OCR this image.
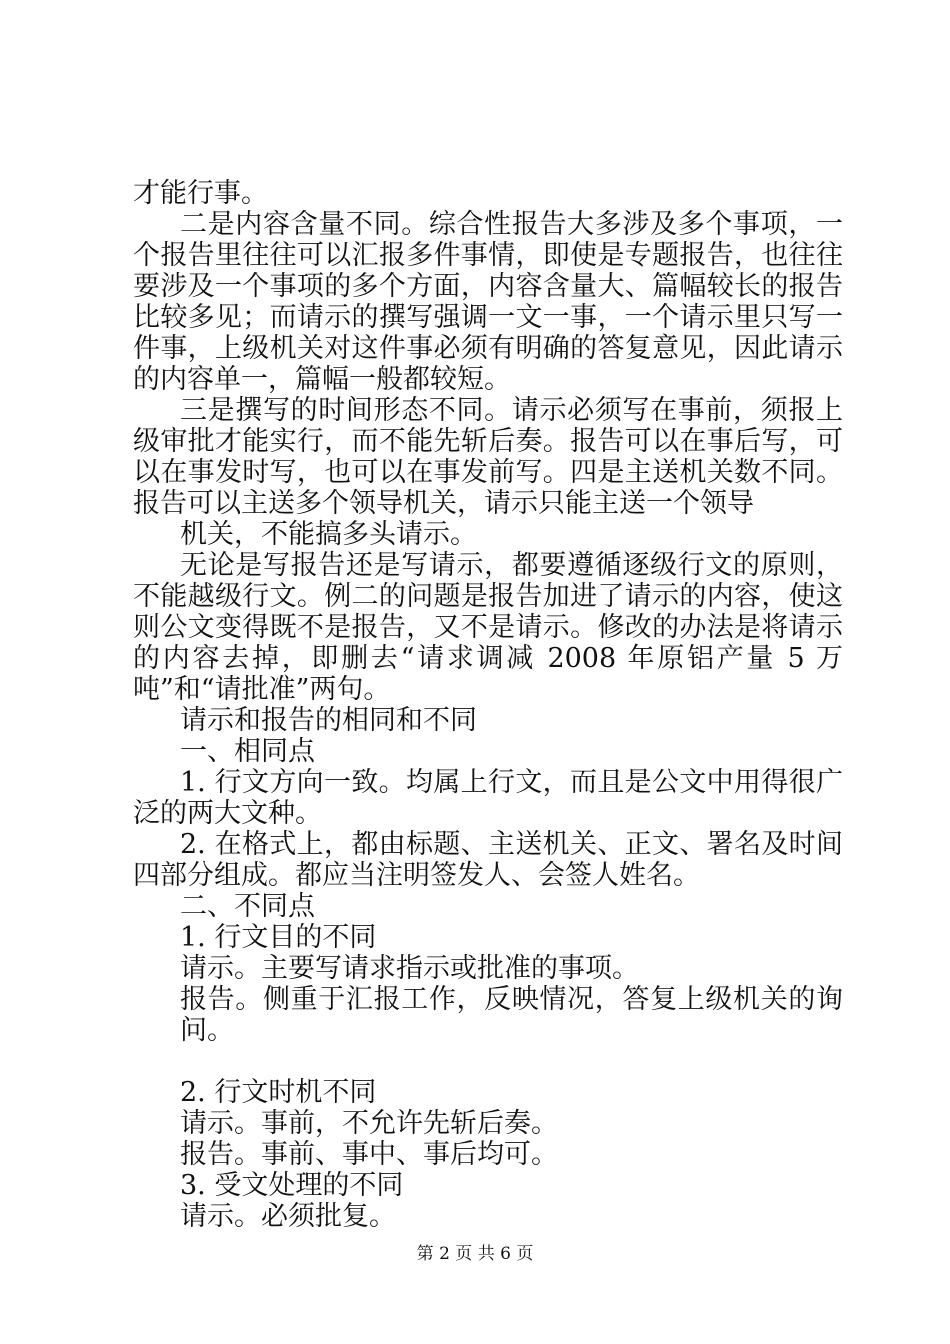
才能行事。

二是内容含量不同。综合性报告大多涉及多个事项，一个报告里往往可以汇报多件事情，即使是专题报告，也往往要涉及一个事项的多个方面，内容含量大、篇幅较长的报告比较多见；而请示的撰写强调一文一事，一个请示里只写一件事，上级机关对这件事必须有明确的答复意见，因此请示的内容单一，篇幅一般都较短。

三是撰写的时间形态不同。请示必须写在事前，须报上级审批才能实行，而不能先斩后奏。报告可以在事后写，可以在事发时写，也可以在事发前写。四是主送机关数不同。报告可以主送多个领导机关，请示只能主送一个领导

机关，不能搞多头请示。

无论是写报告还是写请示，都要遵循逐级行文的原则，不能越级行文。例二的问题是报告加进了请示的内容，使这则公文变得既不是报告，又不是请示。修改的办法是将请示的内容去掉，即删去“请求调减 2008 年原铝产量 5 万吨”和“请批准”两句。

请示和报告的相同和不同

一、相同点

1. 行文方向一致。均属上行文，而且是公文中用得很广泛的两大文种。

2. 在格式上，都由标题、主送机关、正文、署名及时间四部分组成。都应当注明签发人、会签人姓名。

二、不同点

1. 行文目的不同

请示。主要写请求指示或批准的事项。

报告。侧重于汇报工作，反映情况，答复上级机关的询问。

2. 行文时机不同

请示。事前，不允许先斩后奏。

报告。事前、事中、事后均可。

3. 受文处理的不同

请示。必须批复。

第 2 页 共 6 页
